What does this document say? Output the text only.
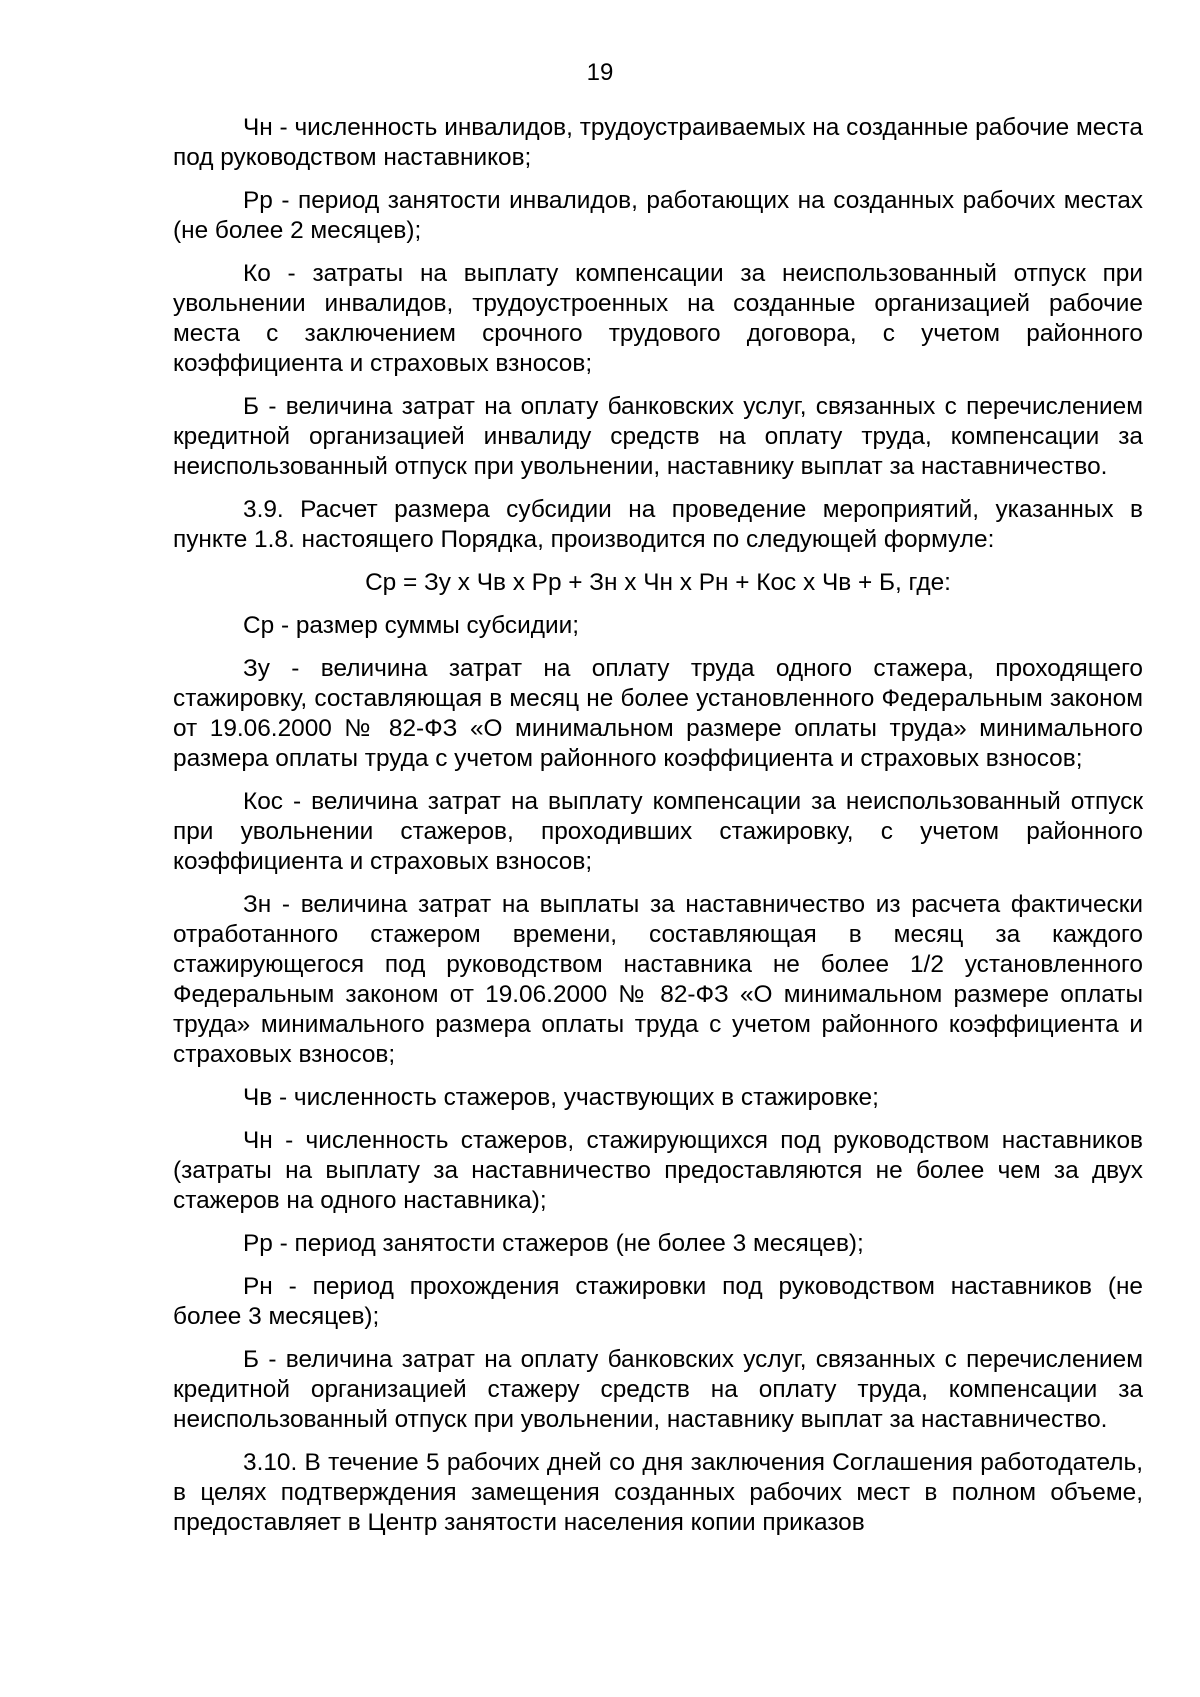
19

Чн - численность инвалидов, трудоустраиваемых на созданные рабочие места под руководством наставников;

Рр - период занятости инвалидов, работающих на созданных рабочих местах (не более 2 месяцев);

Ко - затраты на выплату компенсации за неиспользованный отпуск при увольнении инвалидов, трудоустроенных на созданные организацией рабочие места с заключением срочного трудового договора, с учетом районного коэффициента и страховых взносов;

Б - величина затрат на оплату банковских услуг, связанных с перечислением кредитной организацией инвалиду средств на оплату труда, компенсации за неиспользованный отпуск при увольнении, наставнику выплат за наставничество.

3.9. Расчет размера субсидии на проведение мероприятий, указанных в пункте 1.8. настоящего Порядка, производится по следующей формуле:

Ср = Зу х Чв х Рр + Зн х Чн х Рн + Кос х Чв + Б, где:

Ср - размер суммы субсидии;

Зу - величина затрат на оплату труда одного стажера, проходящего стажировку, составляющая в месяц не более установленного Федеральным законом от 19.06.2000 № 82-ФЗ «О минимальном размере оплаты труда» минимального размера оплаты труда с учетом районного коэффициента и страховых взносов;

Кос - величина затрат на выплату компенсации за неиспользованный отпуск при увольнении стажеров, проходивших стажировку, с учетом районного коэффициента и страховых взносов;

Зн - величина затрат на выплаты за наставничество из расчета фактически отработанного стажером времени, составляющая в месяц за каждого стажирующегося под руководством наставника не более 1/2 установленного Федеральным законом от 19.06.2000 № 82-ФЗ «О минимальном размере оплаты труда» минимального размера оплаты труда с учетом районного коэффициента и страховых взносов;

Чв - численность стажеров, участвующих в стажировке;

Чн - численность стажеров, стажирующихся под руководством наставников (затраты на выплату за наставничество предоставляются не более чем за двух стажеров на одного наставника);

Рр - период занятости стажеров (не более 3 месяцев);

Рн - период прохождения стажировки под руководством наставников (не более 3 месяцев);

Б - величина затрат на оплату банковских услуг, связанных с перечислением кредитной организацией стажеру средств на оплату труда, компенсации за неиспользованный отпуск при увольнении, наставнику выплат за наставничество.

3.10. В течение 5 рабочих дней со дня заключения Соглашения работодатель, в целях подтверждения замещения созданных рабочих мест в полном объеме, предоставляет в Центр занятости населения копии приказов
